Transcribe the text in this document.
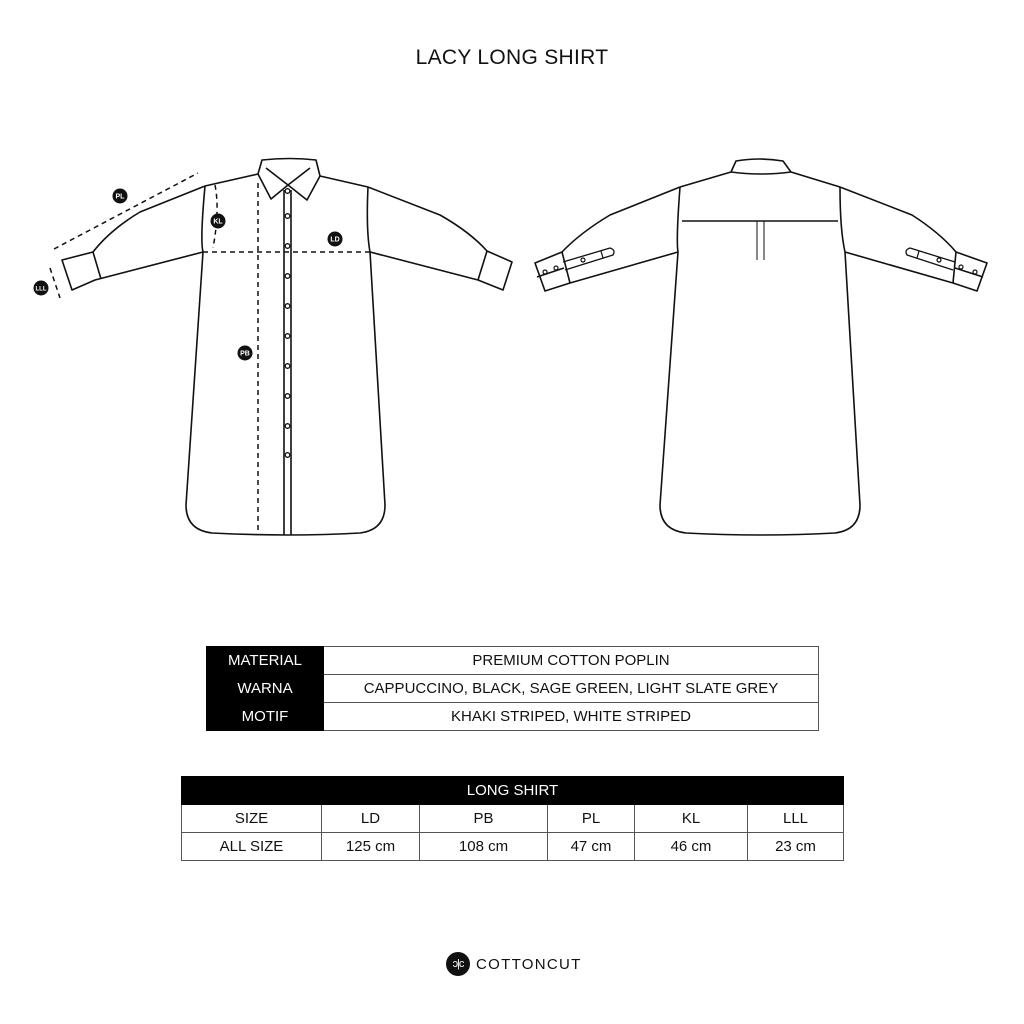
LACY LONG SHIRT
PL
KL
LD
LLL
PB
MATERIAL	PREMIUM COTTON POPLIN
WARNA	CAPPUCCINO, BLACK, SAGE GREEN, LIGHT SLATE GREY
MOTIF	KHAKI STRIPED, WHITE STRIPED
LONG SHIRT					
SIZE	LD	PB	PL	KL	LLL
ALL SIZE	125 cm	108 cm	47 cm	46 cm	23 cm
ɔ|c COTTONCUT
